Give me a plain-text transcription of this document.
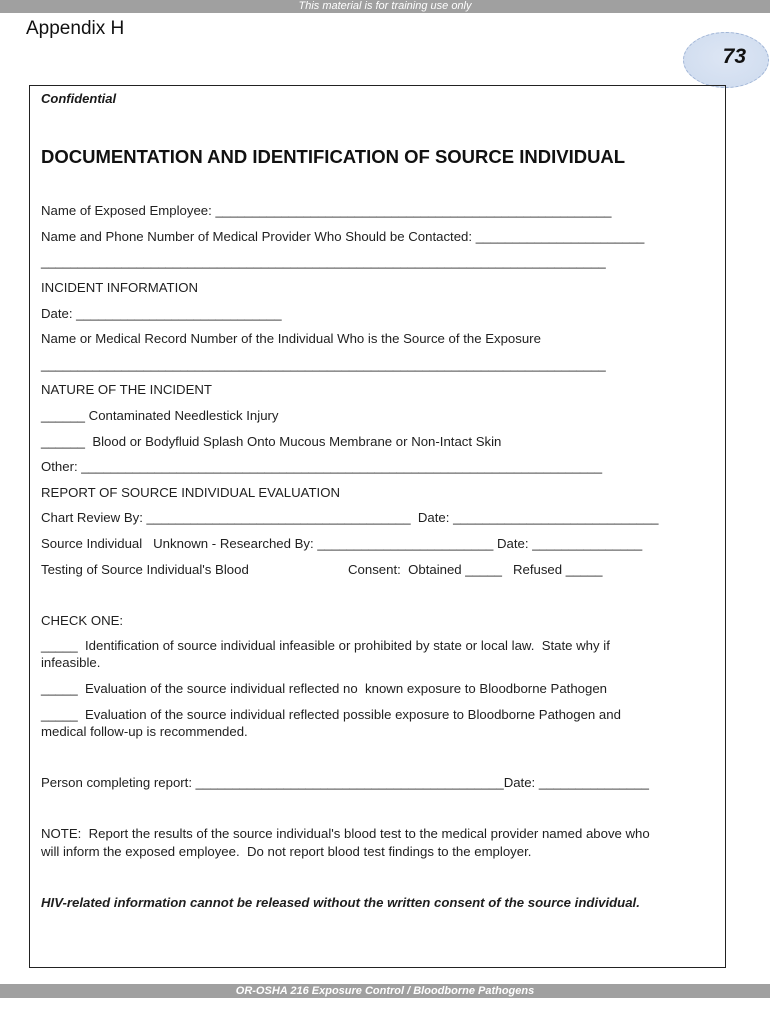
This material is for training use only
Appendix H
73
Confidential
DOCUMENTATION AND IDENTIFICATION OF SOURCE INDIVIDUAL
Name of Exposed Employee: ______________________________________________________
Name and Phone Number of Medical Provider Who Should be Contacted: _______________________
_____________________________________________________________________________
INCIDENT INFORMATION
Date: ____________________________
Name or Medical Record Number of the Individual Who is the Source of the Exposure
_____________________________________________________________________________
NATURE OF THE INCIDENT
______ Contaminated Needlestick Injury
______  Blood or Bodyfluid Splash Onto Mucous Membrane or Non-Intact Skin
Other: _______________________________________________________________________
REPORT OF SOURCE INDIVIDUAL EVALUATION
Chart Review By: ____________________________________  Date: ____________________________
Source Individual   Unknown - Researched By: ________________________ Date: _______________
Testing of Source Individual's Blood	Consent:  Obtained _____   Refused _____
CHECK ONE:
_____  Identification of source individual infeasible or prohibited by state or local law.  State why if
infeasible.
_____  Evaluation of the source individual reflected no  known exposure to Bloodborne Pathogen
_____  Evaluation of the source individual reflected possible exposure to Bloodborne Pathogen and
medical follow-up is recommended.
Person completing report: __________________________________________Date: _______________
NOTE:  Report the results of the source individual's blood test to the medical provider named above who
will inform the exposed employee.  Do not report blood test findings to the employer.
HIV-related information cannot be released without the written consent of the source individual.
OR-OSHA 216 Exposure Control / Bloodborne Pathogens
